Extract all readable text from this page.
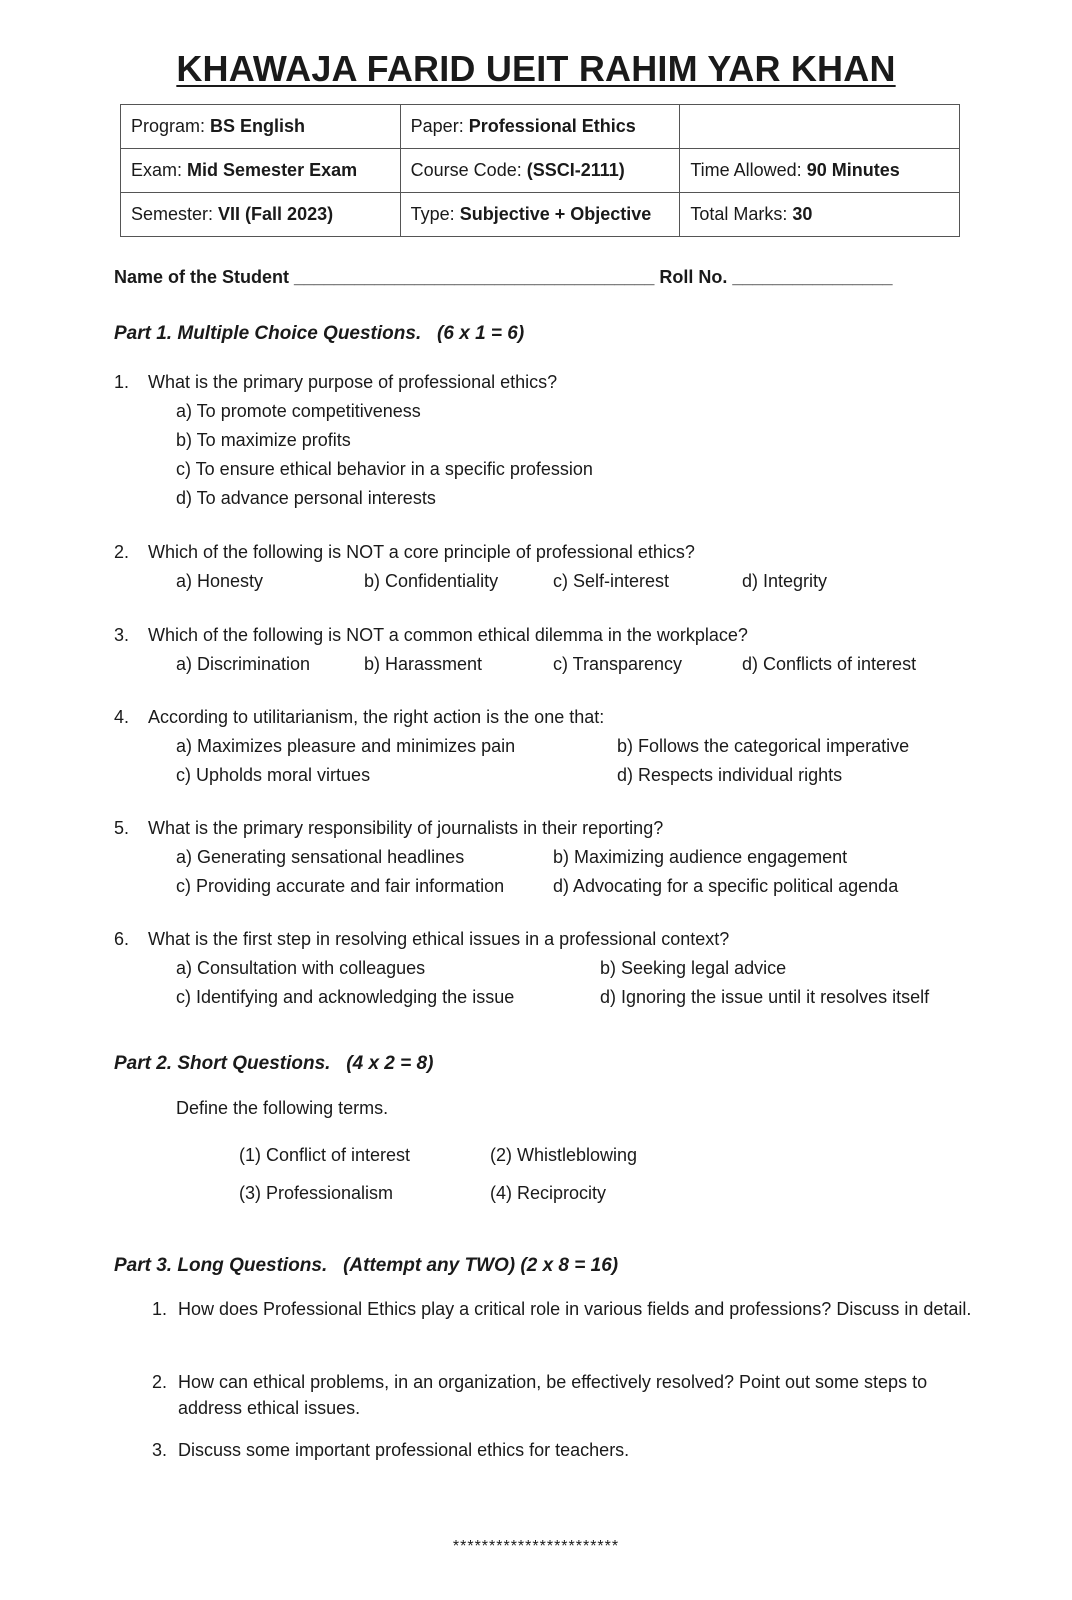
KHAWAJA FARID UEIT RAHIM YAR KHAN
Program: BS English	Paper: Professional Ethics	
Exam: Mid Semester Exam	Course Code: (SSCI-2111)	Time Allowed: 90 Minutes
Semester: VII (Fall 2023)	Type: Subjective + Objective	Total Marks: 30
Name of the Student ____________________________________ Roll No. ________________
Part 1. Multiple Choice Questions.   (6 x 1 = 6)
1. What is the primary purpose of professional ethics?
a) To promote competitiveness
b) To maximize profits
c) To ensure ethical behavior in a specific profession
d) To advance personal interests
2. Which of the following is NOT a core principle of professional ethics?
a) Honesty	b) Confidentiality	c) Self-interest	d) Integrity
3. Which of the following is NOT a common ethical dilemma in the workplace?
a) Discrimination	b) Harassment	c) Transparency	d) Conflicts of interest
4. According to utilitarianism, the right action is the one that:
a) Maximizes pleasure and minimizes pain	b) Follows the categorical imperative
c) Upholds moral virtues	d) Respects individual rights
5. What is the primary responsibility of journalists in their reporting?
a) Generating sensational headlines	b) Maximizing audience engagement
c) Providing accurate and fair information	d) Advocating for a specific political agenda
6. What is the first step in resolving ethical issues in a professional context?
a) Consultation with colleagues	b) Seeking legal advice
c) Identifying and acknowledging the issue	d) Ignoring the issue until it resolves itself
Part 2. Short Questions.   (4 x 2 = 8)
Define the following terms.
(1) Conflict of interest	(2) Whistleblowing
(3) Professionalism	(4) Reciprocity
Part 3. Long Questions.   (Attempt any TWO) (2 x 8 = 16)
1. How does Professional Ethics play a critical role in various fields and professions? Discuss in detail.
2. How can ethical problems, in an organization, be effectively resolved? Point out some steps to address ethical issues.
3. Discuss some important professional ethics for teachers.
***********************
